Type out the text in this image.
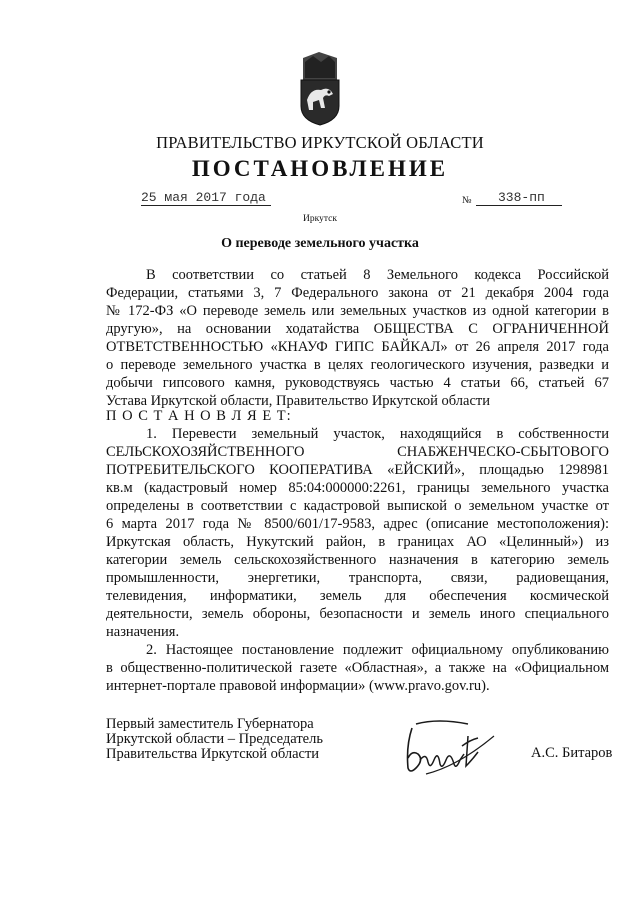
ПРАВИТЕЛЬСТВО ИРКУТСКОЙ ОБЛАСТИ
ПОСТАНОВЛЕНИЕ
25 мая 2017 года	№ 338-пп
Иркутск
О переводе земельного участка
В соответствии со статьей 8 Земельного кодекса Российской
Федерации, статьями 3, 7 Федерального закона от 21 декабря 2004 года
№ 172-ФЗ «О переводе земель или земельных участков из одной категории в
другую», на основании ходатайства ОБЩЕСТВА С ОГРАНИЧЕННОЙ
ОТВЕТСТВЕННОСТЬЮ «КНАУФ ГИПС БАЙКАЛ» от 26 апреля 2017 года
о переводе земельного участка в целях геологического изучения, разведки и
добычи гипсового камня, руководствуясь частью 4 статьи 66, статьей 67
Устава Иркутской области, Правительство Иркутской области
П О С Т А Н О В Л Я Е Т:
1. Перевести земельный участок, находящийся в собственности
СЕЛЬСКОХОЗЯЙСТВЕННОГО СНАБЖЕНЧЕСКО-СБЫТОВОГО
ПОТРЕБИТЕЛЬСКОГО КООПЕРАТИВА «ЕЙСКИЙ», площадью 1298981
кв.м (кадастровый номер 85:04:000000:2261, границы земельного участка
определены в соответствии с кадастровой выпиской о земельном участке от
6 марта 2017 года № 8500/601/17-9583, адрес (описание местоположения):
Иркутская область, Нукутский район, в границах АО «Целинный») из
категории земель сельскохозяйственного назначения в категорию земель
промышленности, энергетики, транспорта, связи, радиовещания,
телевидения, информатики, земель для обеспечения космической
деятельности, земель обороны, безопасности и земель иного специального
назначения.
2. Настоящее постановление подлежит официальному опубликованию
в общественно-политической газете «Областная», а также на «Официальном
интернет-портале правовой информации» (www.pravo.gov.ru).
Первый заместитель Губернатора
Иркутской области – Председатель
Правительства Иркутской области	А.С. Битаров
